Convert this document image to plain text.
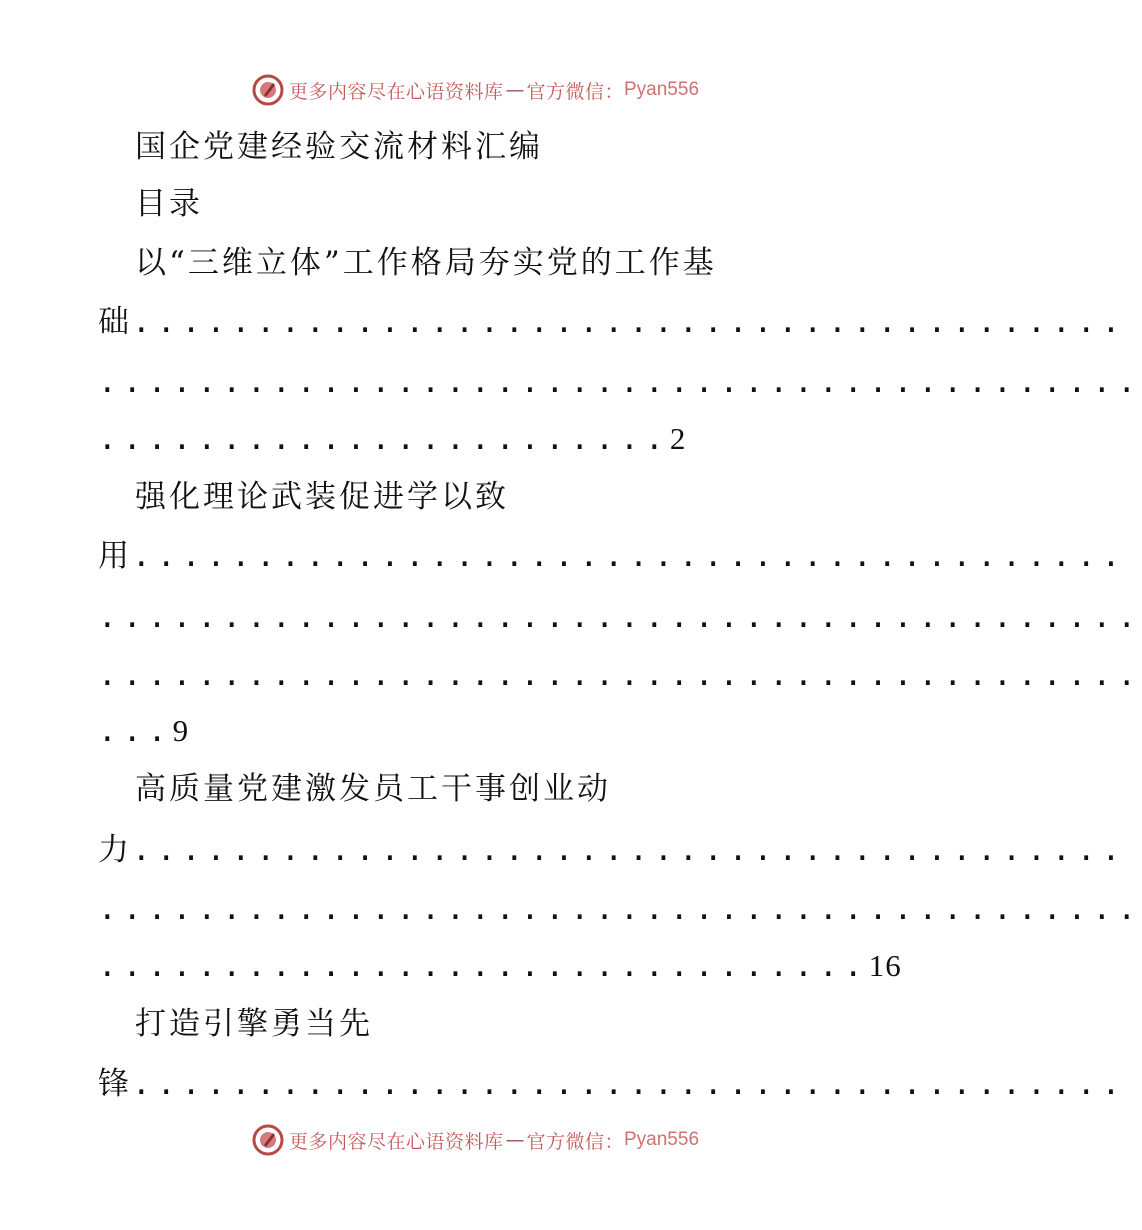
更多内容尽在心语资料库 — 官方微信： Pyan556
国企党建经验交流材料汇编
目录
以“三维立体”工作格局夯实党的工作基
础........................................
..........................................
.......................2
强化理论武装促进学以致
用........................................
..........................................
..........................................
...9
高质量党建激发员工干事创业动
力........................................
..........................................
...............................16
打造引擎勇当先
锋........................................
更多内容尽在心语资料库 — 官方微信： Pyan556
